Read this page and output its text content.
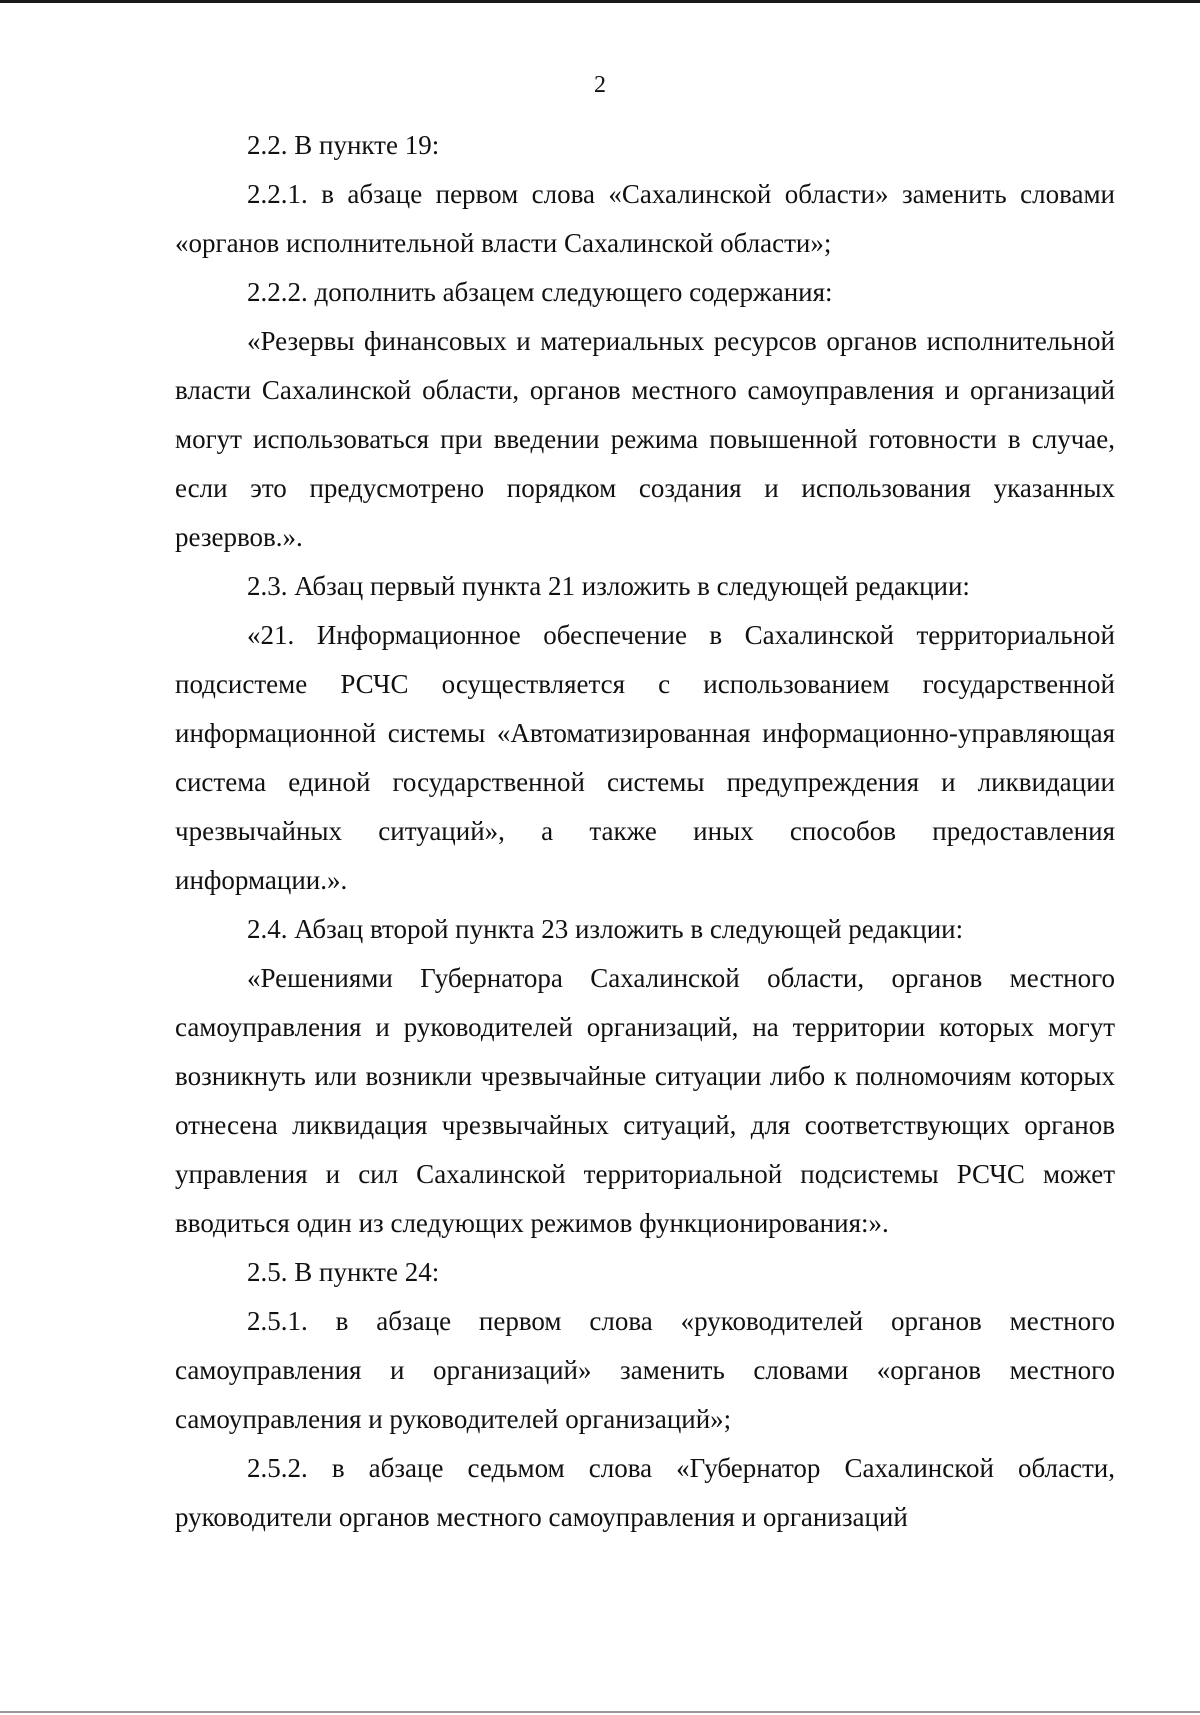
2

2.2. В пункте 19:

2.2.1. в абзаце первом слова «Сахалинской области» заменить словами «органов исполнительной власти Сахалинской области»;

2.2.2. дополнить абзацем следующего содержания:

«Резервы финансовых и материальных ресурсов органов исполнительной власти Сахалинской области, органов местного самоуправления и организаций могут использоваться при введении режима повышенной готовности в случае, если это предусмотрено порядком создания и использования указанных резервов.».

2.3. Абзац первый пункта 21 изложить в следующей редакции:

«21. Информационное обеспечение в Сахалинской территориальной подсистеме РСЧС осуществляется с использованием государственной информационной системы «Автоматизированная информационно-управляющая система единой государственной системы предупреждения и ликвидации чрезвычайных ситуаций», а также иных способов предоставления информации.».

2.4. Абзац второй пункта 23 изложить в следующей редакции:

«Решениями Губернатора Сахалинской области, органов местного самоуправления и руководителей организаций, на территории которых могут возникнуть или возникли чрезвычайные ситуации либо к полномочиям которых отнесена ликвидация чрезвычайных ситуаций, для соответствующих органов управления и сил Сахалинской территориальной подсистемы РСЧС может вводиться один из следующих режимов функционирования:».

2.5. В пункте 24:

2.5.1. в абзаце первом слова «руководителей органов местного самоуправления и организаций» заменить словами «органов местного самоуправления и руководителей организаций»;

2.5.2. в абзаце седьмом слова «Губернатор Сахалинской области, руководители органов местного самоуправления и организаций
